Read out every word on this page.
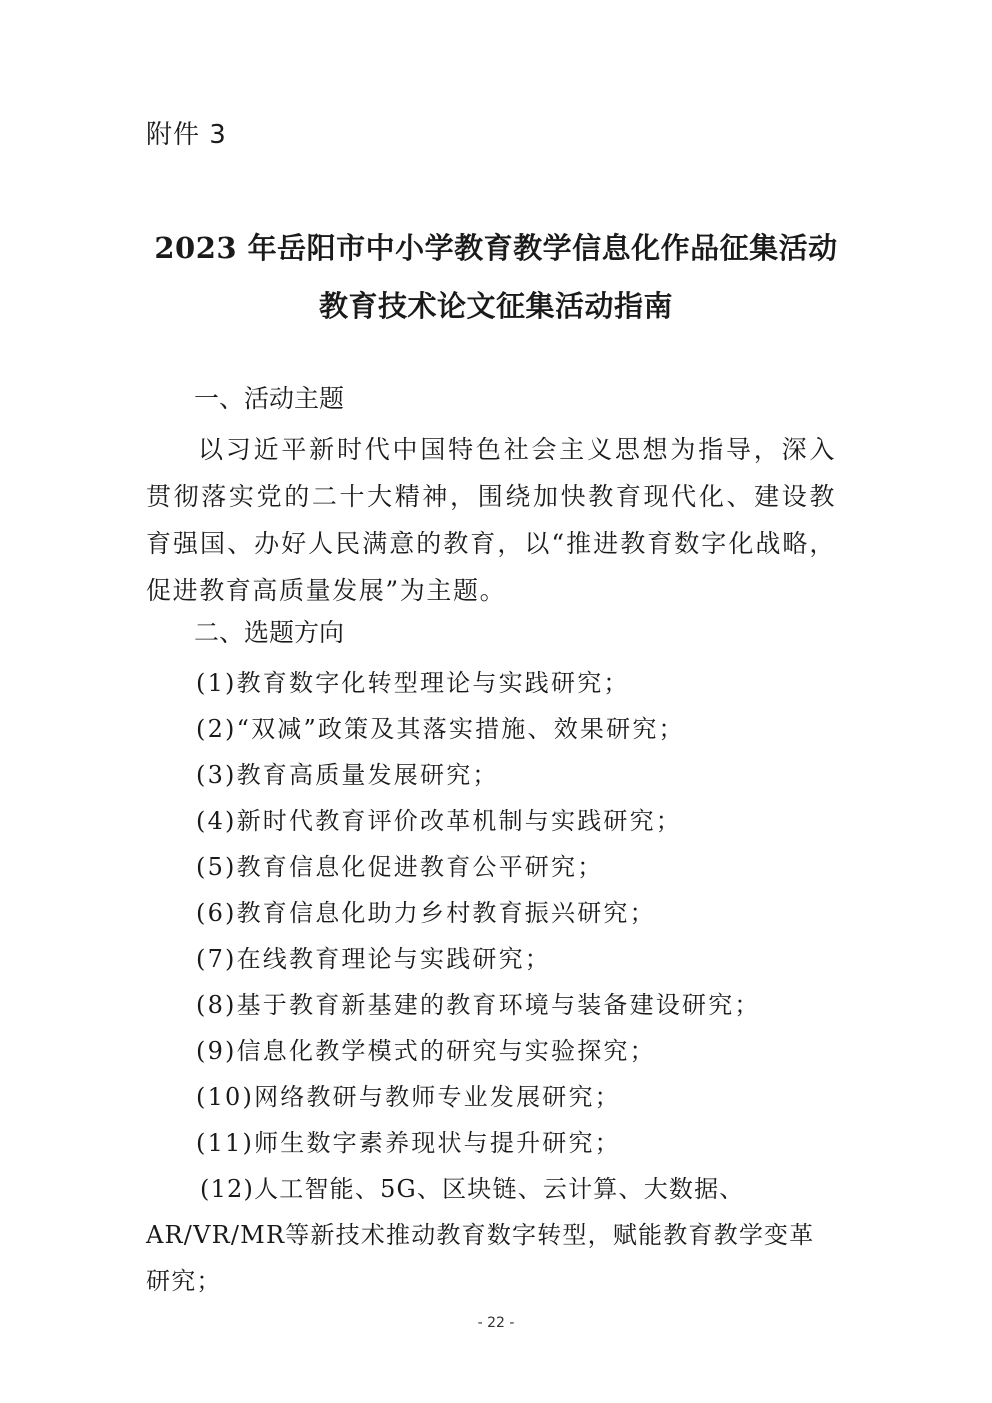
附件 3
2023 年岳阳市中小学教育教学信息化作品征集活动
教育技术论文征集活动指南
一、活动主题

以习近平新时代中国特色社会主义思想为指导，深入贯彻落实党的二十大精神，围绕加快教育现代化、建设教育强国、办好人民满意的教育，以“推进教育数字化战略，促进教育高质量发展”为主题。

二、选题方向
(1)教育数字化转型理论与实践研究；
(2)“双减”政策及其落实措施、效果研究；
(3)教育高质量发展研究；
(4)新时代教育评价改革机制与实践研究；
(5)教育信息化促进教育公平研究；
(6)教育信息化助力乡村教育振兴研究；
(7)在线教育理论与实践研究；
(8)基于教育新基建的教育环境与装备建设研究；
(9)信息化教学模式的研究与实验探究；
(10)网络教研与教师专业发展研究；
(11)师生数字素养现状与提升研究；
(12)人工智能、5G、区块链、云计算、大数据、AR/VR/MR等新技术推动教育数字转型，赋能教育教学变革研究；
- 22 -
